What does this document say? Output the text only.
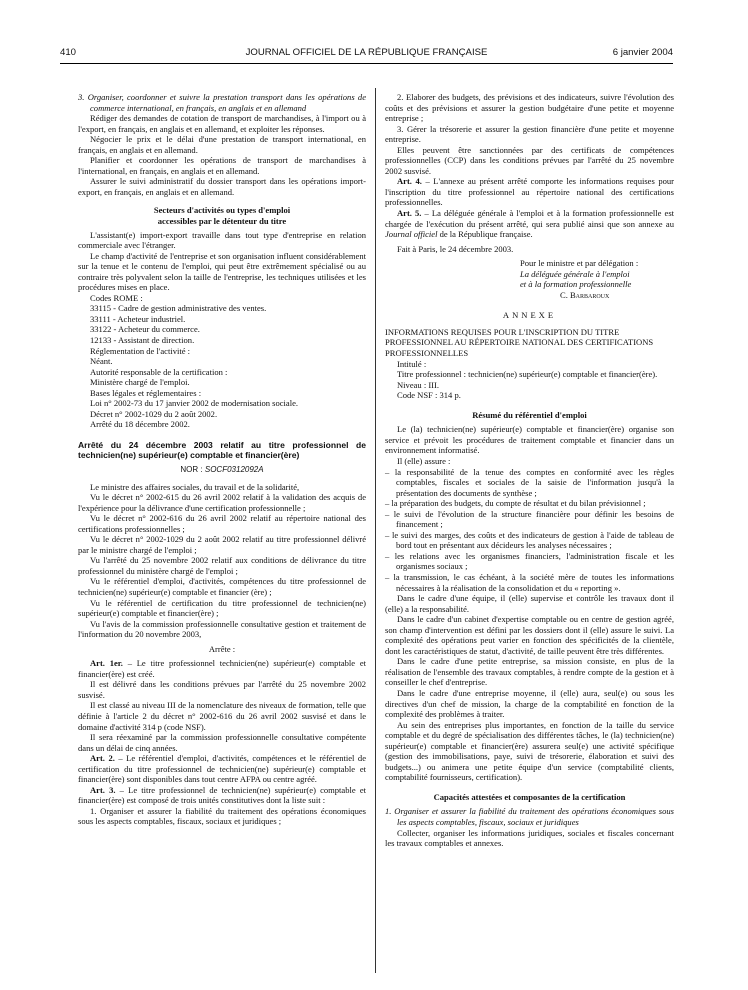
410	JOURNAL OFFICIEL DE LA RÉPUBLIQUE FRANÇAISE	6 janvier 2004

3. Organiser, coordonner et suivre la prestation transport dans les opérations de commerce international, en français, en anglais et en allemand

Rédiger des demandes de cotation de transport de marchandises, à l'import ou à l'export, en français, en anglais et en allemand, et exploiter les réponses.

Négocier le prix et le délai d'une prestation de transport international, en français, en anglais et en allemand.

Planifier et coordonner les opérations de transport de marchandises à l'international, en français, en anglais et en allemand.

Assurer le suivi administratif du dossier transport dans les opérations import-export, en français, en anglais et en allemand.

Secteurs d'activités ou types d'emploi

accessibles par le détenteur du titre

L'assistant(e) import-export travaille dans tout type d'entreprise en relation commerciale avec l'étranger.

Le champ d'activité de l'entreprise et son organisation influent considérablement sur la tenue et le contenu de l'emploi, qui peut être extrêmement spécialisé ou au contraire très polyvalent selon la taille de l'entreprise, les techniques utilisées et les procédures mises en place.

Codes ROME :

33115 - Cadre de gestion administrative des ventes.

33111 - Acheteur industriel.

33122 - Acheteur du commerce.

12133 - Assistant de direction.

Réglementation de l'activité :

Néant.

Autorité responsable de la certification :

Ministère chargé de l'emploi.

Bases légales et réglementaires :

Loi n° 2002-73 du 17 janvier 2002 de modernisation sociale.

Décret n° 2002-1029 du 2 août 2002.

Arrêté du 18 décembre 2002.

Arrêté du 24 décembre 2003 relatif au titre professionnel de technicien(ne) supérieur(e) comptable et financier(ère)

NOR : SOCF0312092A

Le ministre des affaires sociales, du travail et de la solidarité,

Vu le décret n° 2002-615 du 26 avril 2002 relatif à la validation des acquis de l'expérience pour la délivrance d'une certification professionnelle ;

Vu le décret n° 2002-616 du 26 avril 2002 relatif au répertoire national des certifications professionnelles ;

Vu le décret n° 2002-1029 du 2 août 2002 relatif au titre professionnel délivré par le ministre chargé de l'emploi ;

Vu l'arrêté du 25 novembre 2002 relatif aux conditions de délivrance du titre professionnel du ministère chargé de l'emploi ;

Vu le référentiel d'emploi, d'activités, compétences du titre professionnel de technicien(ne) supérieur(e) comptable et financier (ère) ;

Vu le référentiel de certification du titre professionnel de technicien(ne) supérieur(e) comptable et financier(ère) ;

Vu l'avis de la commission professionnelle consultative gestion et traitement de l'information du 20 novembre 2003,

Arrête :

Art. 1er. – Le titre professionnel technicien(ne) supérieur(e) comptable et financier(ère) est créé.

Il est délivré dans les conditions prévues par l'arrêté du 25 novembre 2002 susvisé.

Il est classé au niveau III de la nomenclature des niveaux de formation, telle que définie à l'article 2 du décret n° 2002-616 du 26 avril 2002 susvisé et dans le domaine d'activité 314 p (code NSF).

Il sera réexaminé par la commission professionnelle consultative compétente dans un délai de cinq années.

Art. 2. – Le référentiel d'emploi, d'activités, compétences et le référentiel de certification du titre professionnel de technicien(ne) supérieur(e) comptable et financier(ère) sont disponibles dans tout centre AFPA ou centre agréé.

Art. 3. – Le titre professionnel de technicien(ne) supérieur(e) comptable et financier(ère) est composé de trois unités constitutives dont la liste suit :

1. Organiser et assurer la fiabilité du traitement des opérations économiques sous les aspects comptables, fiscaux, sociaux et juridiques ;

2. Elaborer des budgets, des prévisions et des indicateurs, suivre l'évolution des coûts et des prévisions et assurer la gestion budgétaire d'une petite et moyenne entreprise ;

3. Gérer la trésorerie et assurer la gestion financière d'une petite et moyenne entreprise.

Elles peuvent être sanctionnées par des certificats de compétences professionnelles (CCP) dans les conditions prévues par l'arrêté du 25 novembre 2002 susvisé.

Art. 4. – L'annexe au présent arrêté comporte les informations requises pour l'inscription du titre professionnel au répertoire national des certifications professionnelles.

Art. 5. – La déléguée générale à l'emploi et à la formation professionnelle est chargée de l'exécution du présent arrêté, qui sera publié ainsi que son annexe au Journal officiel de la République française.

Fait à Paris, le 24 décembre 2003.

Pour le ministre et par délégation :

La déléguée générale à l'emploi

et à la formation professionnelle

C. Barbaroux

ANNEXE

INFORMATIONS REQUISES POUR L'INSCRIPTION DU TITRE PROFESSIONNEL AU RÉPERTOIRE NATIONAL DES CERTIFICATIONS PROFESSIONNELLES

Intitulé :

Titre professionnel : technicien(ne) supérieur(e) comptable et financier(ère).

Niveau : III.

Code NSF : 314 p.

Résumé du référentiel d'emploi

Le (la) technicien(ne) supérieur(e) comptable et financier(ère) organise son service et prévoit les procédures de traitement comptable et financier dans un environnement informatisé.

Il (elle) assure :

– la responsabilité de la tenue des comptes en conformité avec les règles comptables, fiscales et sociales de la saisie de l'information jusqu'à la présentation des documents de synthèse ;

– la préparation des budgets, du compte de résultat et du bilan prévisionnel ;

– le suivi de l'évolution de la structure financière pour définir les besoins de financement ;

– le suivi des marges, des coûts et des indicateurs de gestion à l'aide de tableau de bord tout en présentant aux décideurs les analyses nécessaires ;

– les relations avec les organismes financiers, l'administration fiscale et les organismes sociaux ;

– la transmission, le cas échéant, à la société mère de toutes les informations nécessaires à la réalisation de la consolidation et du « reporting ».

Dans le cadre d'une équipe, il (elle) supervise et contrôle les travaux dont il (elle) a la responsabilité.

Dans le cadre d'un cabinet d'expertise comptable ou en centre de gestion agréé, son champ d'intervention est défini par les dossiers dont il (elle) assure le suivi. La complexité des opérations peut varier en fonction des spécificités de la clientèle, dont les caractéristiques de statut, d'activité, de taille peuvent être très différentes.

Dans le cadre d'une petite entreprise, sa mission consiste, en plus de la réalisation de l'ensemble des travaux comptables, à rendre compte de la gestion et à conseiller le chef d'entreprise.

Dans le cadre d'une entreprise moyenne, il (elle) aura, seul(e) ou sous les directives d'un chef de mission, la charge de la comptabilité en fonction de la complexité des problèmes à traiter.

Au sein des entreprises plus importantes, en fonction de la taille du service comptable et du degré de spécialisation des différentes tâches, le (la) technicien(ne) supérieur(e) comptable et financier(ère) assurera seul(e) une activité spécifique (gestion des immobilisations, paye, suivi de trésorerie, élaboration et suivi des budgets...) ou animera une petite équipe d'un service (comptabilité clients, comptabilité fournisseurs, certification).

Capacités attestées et composantes de la certification

1. Organiser et assurer la fiabilité du traitement des opérations économiques sous les aspects comptables, fiscaux, sociaux et juridiques

Collecter, organiser les informations juridiques, sociales et fiscales concernant les travaux comptables et annexes.
